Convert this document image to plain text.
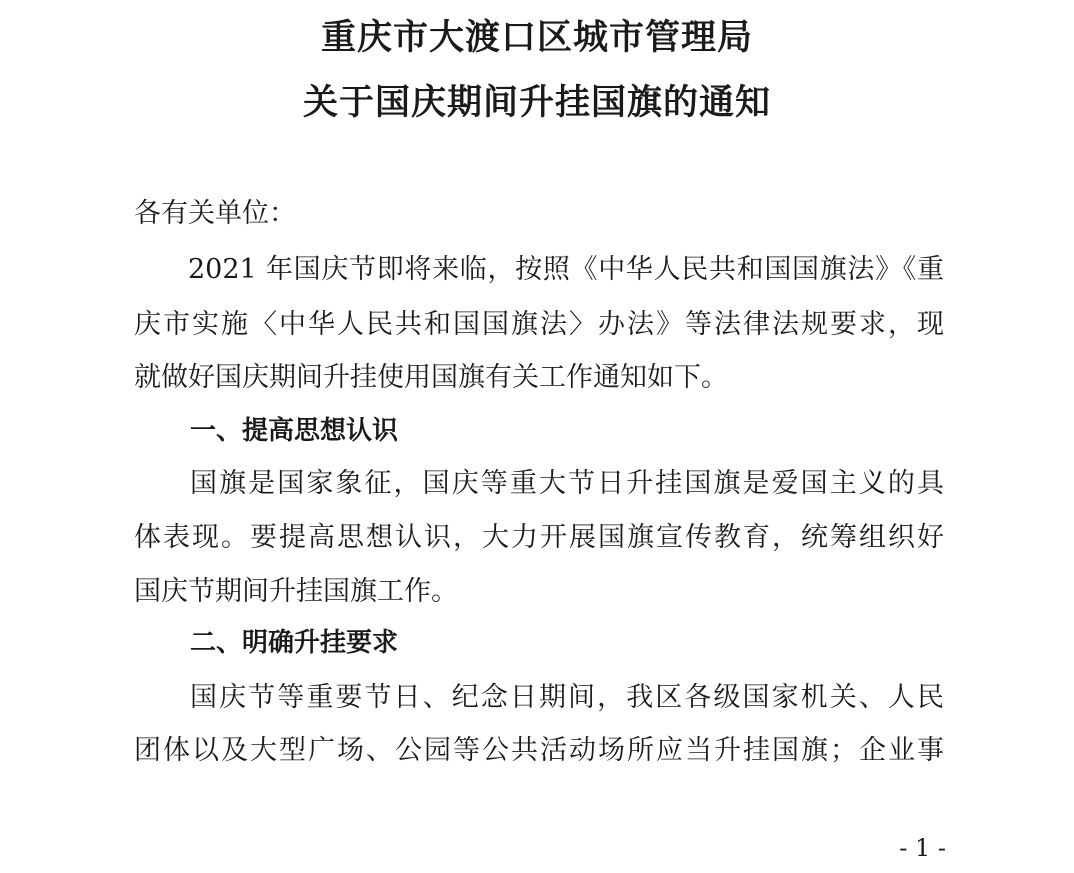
重庆市大渡口区城市管理局
关于国庆期间升挂国旗的通知

各有关单位：

2021 年国庆节即将来临，按照《中华人民共和国国旗法》《重

庆市实施〈中华人民共和国国旗法〉办法》等法律法规要求，现

就做好国庆期间升挂使用国旗有关工作通知如下。

一、提高思想认识

国旗是国家象征，国庆等重大节日升挂国旗是爱国主义的具

体表现。要提高思想认识，大力开展国旗宣传教育，统筹组织好

国庆节期间升挂国旗工作。

二、明确升挂要求

国庆节等重要节日、纪念日期间，我区各级国家机关、人民

团体以及大型广场、公园等公共活动场所应当升挂国旗；企业事

- 1 -
